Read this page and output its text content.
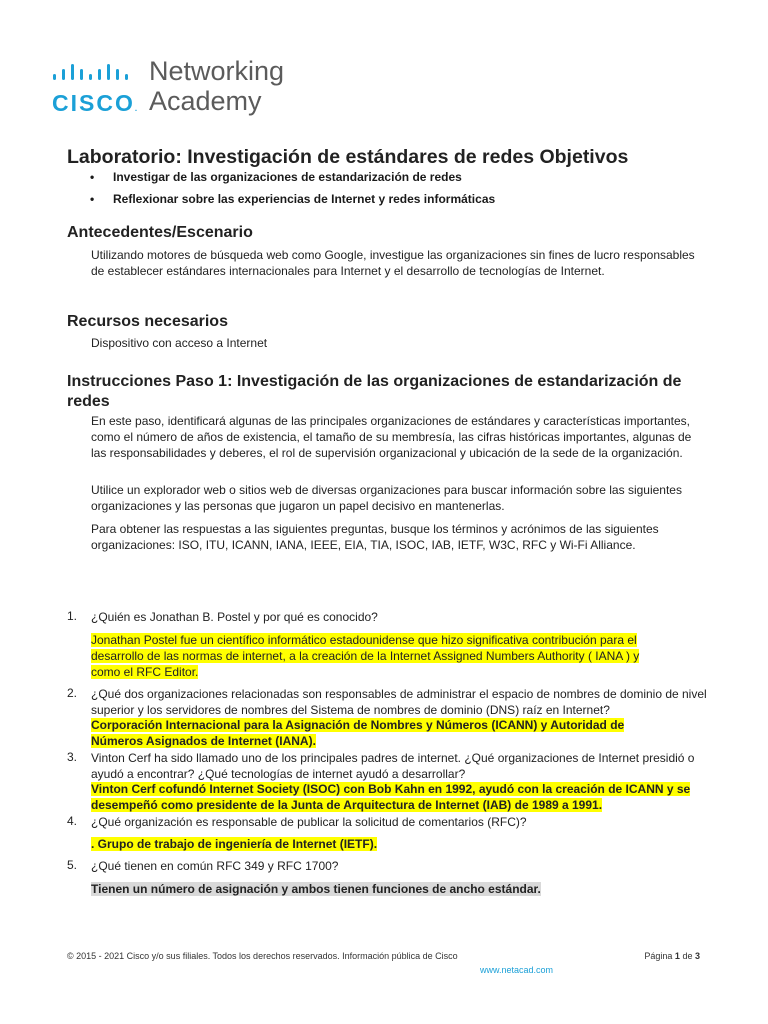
CISCO.
Networking
Academy
Laboratorio: Investigación de estándares de redes Objetivos
• Investigar de las organizaciones de estandarización de redes
• Reflexionar sobre las experiencias de Internet y redes informáticas
Antecedentes/Escenario
Utilizando motores de búsqueda web como Google, investigue las organizaciones sin fines de lucro responsables de establecer estándares internacionales para Internet y el desarrollo de tecnologías de Internet.
Recursos necesarios
Dispositivo con acceso a Internet
Instrucciones Paso 1: Investigación de las organizaciones de estandarización de redes
En este paso, identificará algunas de las principales organizaciones de estándares y características importantes, como el número de años de existencia, el tamaño de su membresía, las cifras históricas importantes, algunas de las responsabilidades y deberes, el rol de supervisión organizacional y ubicación de la sede de la organización.
Utilice un explorador web o sitios web de diversas organizaciones para buscar información sobre las siguientes organizaciones y las personas que jugaron un papel decisivo en mantenerlas.
Para obtener las respuestas a las siguientes preguntas, busque los términos y acrónimos de las siguientes organizaciones: ISO, ITU, ICANN, IANA, IEEE, EIA, TIA, ISOC, IAB, IETF, W3C, RFC y Wi-Fi Alliance.
1. ¿Quién es Jonathan B. Postel y por qué es conocido?
Jonathan Postel fue un científico informático estadounidense que hizo significativa contribución para el desarrollo de las normas de internet, a la creación de la Internet Assigned Numbers Authority ( IANA ) y como el RFC Editor.
2. ¿Qué dos organizaciones relacionadas son responsables de administrar el espacio de nombres de dominio de nivel superior y los servidores de nombres del Sistema de nombres de dominio (DNS) raíz en Internet?
Corporación Internacional para la Asignación de Nombres y Números (ICANN) y Autoridad de Números Asignados de Internet (IANA).
3. Vinton Cerf ha sido llamado uno de los principales padres de internet. ¿Qué organizaciones de Internet presidió o ayudó a encontrar? ¿Qué tecnologías de internet ayudó a desarrollar?
Vinton Cerf cofundó Internet Society (ISOC) con Bob Kahn en 1992, ayudó con la creación de ICANN y se desempeñó como presidente de la Junta de Arquitectura de Internet (IAB) de 1989 a 1991.
4. ¿Qué organización es responsable de publicar la solicitud de comentarios (RFC)?
. Grupo de trabajo de ingeniería de Internet (IETF).
5. ¿Qué tienen en común RFC 349 y RFC 1700?
Tienen un número de asignación y ambos tienen funciones de ancho estándar.
© 2015 - 2021 Cisco y/o sus filiales. Todos los derechos reservados. Información pública de Cisco
www.netacad.com
Página 1 de 3
